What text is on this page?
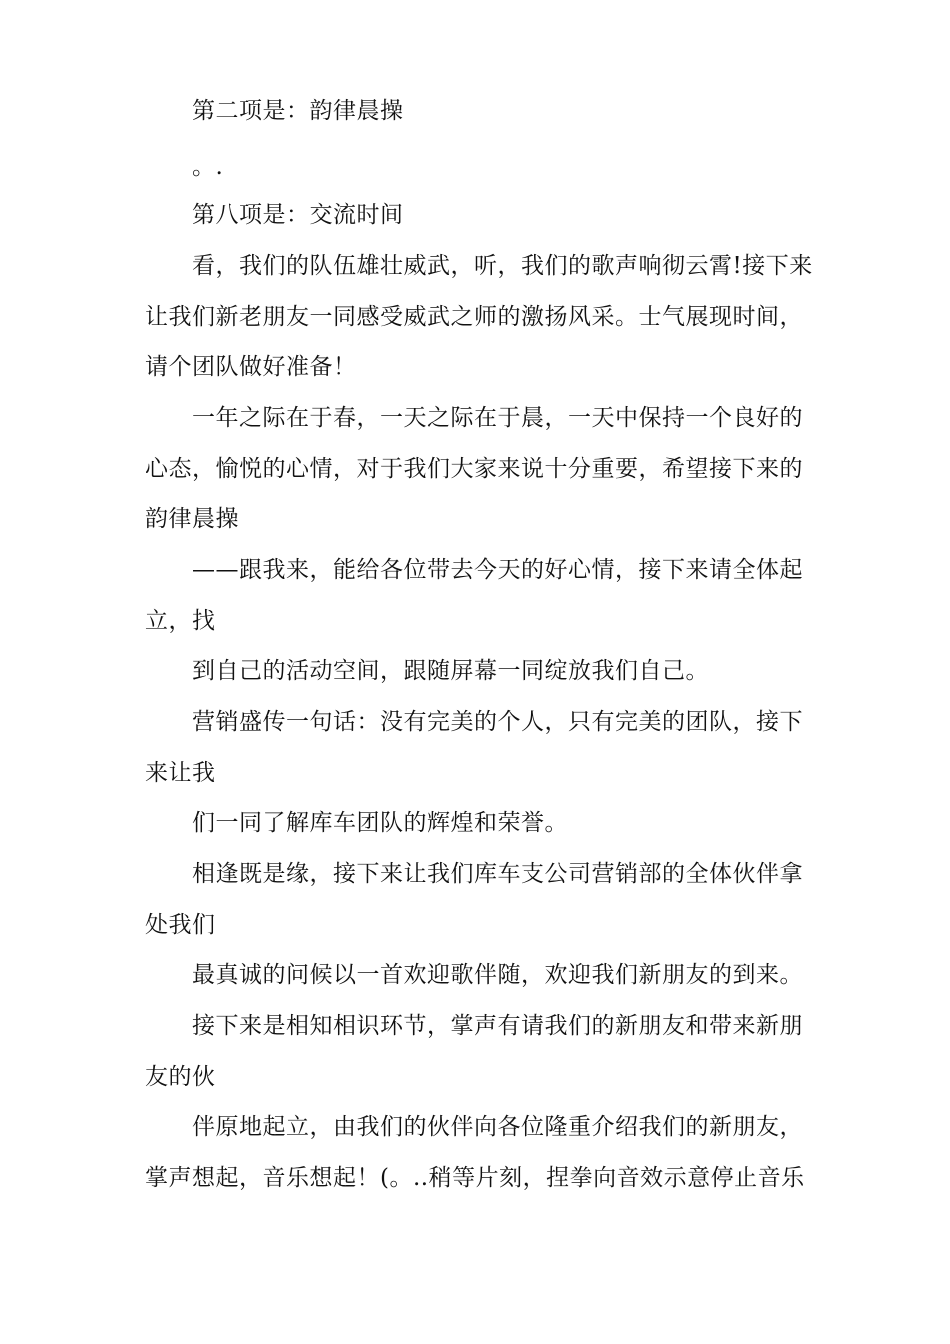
第二项是：韵律晨操
。.
第八项是：交流时间
看，我们的队伍雄壮威武，听，我们的歌声响彻云霄!接下来
让我们新老朋友一同感受威武之师的激扬风采。士气展现时间，
请个团队做好准备！
一年之际在于春，一天之际在于晨，一天中保持一个良好的
心态，愉悦的心情，对于我们大家来说十分重要，希望接下来的
韵律晨操
——跟我来，能给各位带去今天的好心情，接下来请全体起
立，找
到自己的活动空间，跟随屏幕一同绽放我们自己。
营销盛传一句话：没有完美的个人，只有完美的团队，接下
来让我
们一同了解库车团队的辉煌和荣誉。
相逢既是缘，接下来让我们库车支公司营销部的全体伙伴拿
处我们
最真诚的问候以一首欢迎歌伴随，欢迎我们新朋友的到来。
接下来是相知相识环节，掌声有请我们的新朋友和带来新朋
友的伙
伴原地起立，由我们的伙伴向各位隆重介绍我们的新朋友，
掌声想起，音乐想起！(。..稍等片刻，捏拳向音效示意停止音乐
